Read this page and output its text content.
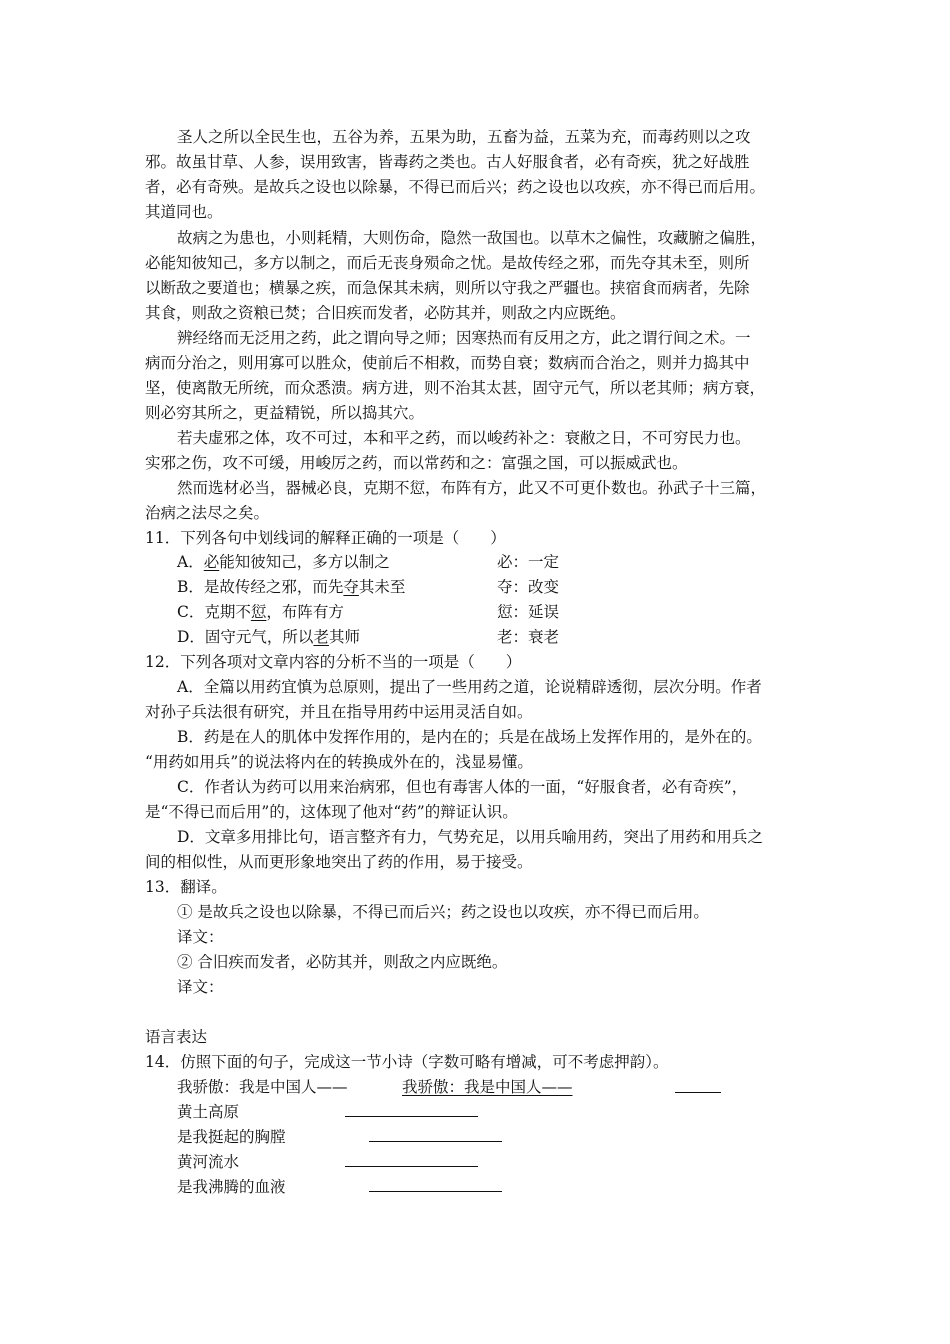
圣人之所以全民生也，五谷为养，五果为助，五畜为益，五菜为充，而毒药则以之攻
邪。故虽甘草、人参，误用致害，皆毒药之类也。古人好服食者，必有奇疾，犹之好战胜
者，必有奇殃。是故兵之设也以除暴，不得已而后兴；药之设也以攻疾，亦不得已而后用。
其道同也。
故病之为患也，小则耗精，大则伤命，隐然一敌国也。以草木之偏性，攻藏腑之偏胜，
必能知彼知己，多方以制之，而后无丧身殒命之忧。是故传经之邪，而先夺其未至，则所
以断敌之要道也；横暴之疾，而急保其未病，则所以守我之严疆也。挟宿食而病者，先除
其食，则敌之资粮已焚；合旧疾而发者，必防其并，则敌之内应既绝。
辨经络而无泛用之药，此之谓向导之师；因寒热而有反用之方，此之谓行间之术。一
病而分治之，则用寡可以胜众，使前后不相救，而势自衰；数病而合治之，则并力捣其中
坚，使离散无所统，而众悉溃。病方进，则不治其太甚，固守元气，所以老其师；病方衰，
则必穷其所之，更益精锐，所以捣其穴。
若夫虚邪之体，攻不可过，本和平之药，而以峻药补之：衰敝之日，不可穷民力也。
实邪之伤，攻不可缓，用峻厉之药，而以常药和之：富强之国，可以振威武也。
然而选材必当，器械必良，克期不愆，布阵有方，此又不可更仆数也。孙武子十三篇，
治病之法尽之矣。
11．下列各句中划线词的解释正确的一项是（　　）
A．必能知彼知己，多方以制之	必：一定
B．是故传经之邪，而先夺其未至	夺：改变
C．克期不愆，布阵有方	愆：延误
D．固守元气，所以老其师	老：衰老
12．下列各项对文章内容的分析不当的一项是（　　）
A．全篇以用药宜慎为总原则，提出了一些用药之道，论说精辟透彻，层次分明。作者
对孙子兵法很有研究，并且在指导用药中运用灵活自如。
B．药是在人的肌体中发挥作用的，是内在的；兵是在战场上发挥作用的，是外在的。
“用药如用兵”的说法将内在的转换成外在的，浅显易懂。
C．作者认为药可以用来治病邪，但也有毒害人体的一面，“好服食者，必有奇疾”，
是“不得已而后用”的，这体现了他对“药”的辩证认识。
D．文章多用排比句，语言整齐有力，气势充足，以用兵喻用药，突出了用药和用兵之
间的相似性，从而更形象地突出了药的作用，易于接受。
13．翻译。
① 是故兵之设也以除暴，不得已而后兴；药之设也以攻疾，亦不得已而后用。
译文：
② 合旧疾而发者，必防其并，则敌之内应既绝。
译文：
语言表达
14．仿照下面的句子，完成这一节小诗（字数可略有增减，可不考虑押韵）。
我骄傲：我是中国人——	我骄傲：我是中国人——
黄土高原
是我挺起的胸膛
黄河流水
是我沸腾的血液
